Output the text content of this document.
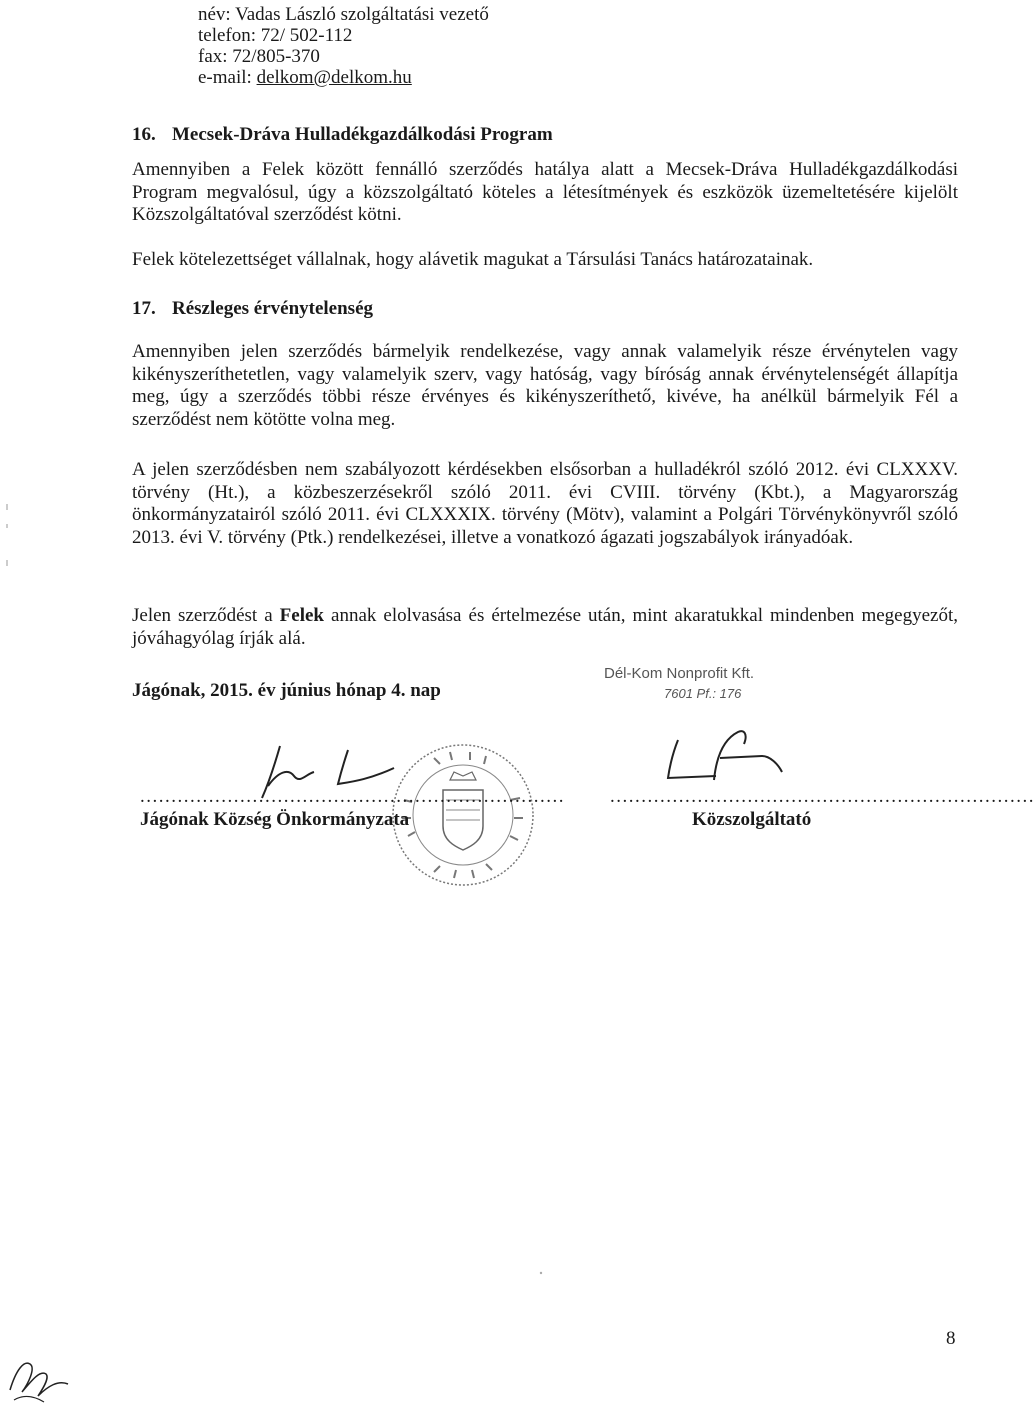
név: Vadas László szolgáltatási vezető
telefon: 72/ 502-112
fax: 72/805-370
e-mail: delkom@delkom.hu
16. Mecsek-Dráva Hulladékgazdálkodási Program
Amennyiben a Felek között fennálló szerződés hatálya alatt a Mecsek-Dráva Hulladékgazdálkodási Program megvalósul, úgy a közszolgáltató köteles a létesítmények és eszközök üzemeltetésére kijelölt Közszolgáltatóval szerződést kötni.
Felek kötelezettséget vállalnak, hogy alávetik magukat a Társulási Tanács határozatainak.
17. Részleges érvénytelenség
Amennyiben jelen szerződés bármelyik rendelkezése, vagy annak valamelyik része érvénytelen vagy kikényszeríthetetlen, vagy valamelyik szerv, vagy hatóság, vagy bíróság annak érvénytelenségét állapítja meg, úgy a szerződés többi része érvényes és kikényszeríthető, kivéve, ha anélkül bármelyik Fél a szerződést nem kötötte volna meg.
A jelen szerződésben nem szabályozott kérdésekben elsősorban a hulladékról szóló 2012. évi CLXXXV. törvény (Ht.), a közbeszerzésekről szóló 2011. évi CVIII. törvény (Kbt.), a Magyarország önkormányzatairól szóló 2011. évi CLXXXIX. törvény (Mötv), valamint a Polgári Törvénykönyvről szóló 2013. évi V. törvény (Ptk.) rendelkezései, illetve a vonatkozó ágazati jogszabályok irányadóak.
Jelen szerződést a Felek annak elolvasása és értelmezése után, mint akaratukkal mindenben megegyezőt, jóváhagyólag írják alá.
Jágónak, 2015. év június hónap 4. nap
Dél-Kom Nonprofit Kft.
7601 Pf.: 176
....................................................................
Jágónak Község Önkormányzata
....................................................................
Közszolgáltató
8
